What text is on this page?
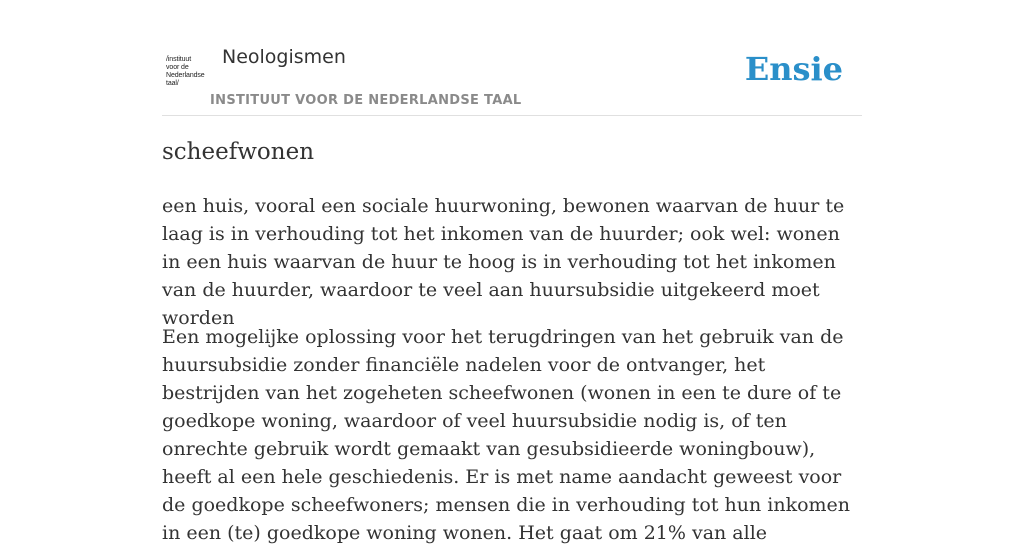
/instituut
voor de
Nederlandse
taal/
Neologismen
INSTITUUT VOOR DE NEDERLANDSE TAAL
Ensie
scheefwonen

een huis, vooral een sociale huurwoning, bewonen waarvan de huur te laag is in verhouding tot het inkomen van de huurder; ook wel: wonen in een huis waarvan de huur te hoog is in verhouding tot het inkomen van de huurder, waardoor te veel aan huursubsidie uitgekeerd moet worden

Een mogelijke oplossing voor het terugdringen van het gebruik van de huursubsidie zonder financiële nadelen voor de ontvanger, het bestrijden van het zogeheten scheefwonen (wonen in een te dure of te goedkope woning, waardoor of veel huursubsidie nodig is, of ten onrechte gebruik wordt gemaakt van gesubsidieerde woningbouw), heeft al een hele geschiedenis. Er is met name aandacht geweest voor de goedkope scheefwoners; mensen die in verhouding tot hun inkomen in een (te) goedkope woning wonen. Het gaat om 21% van alle
